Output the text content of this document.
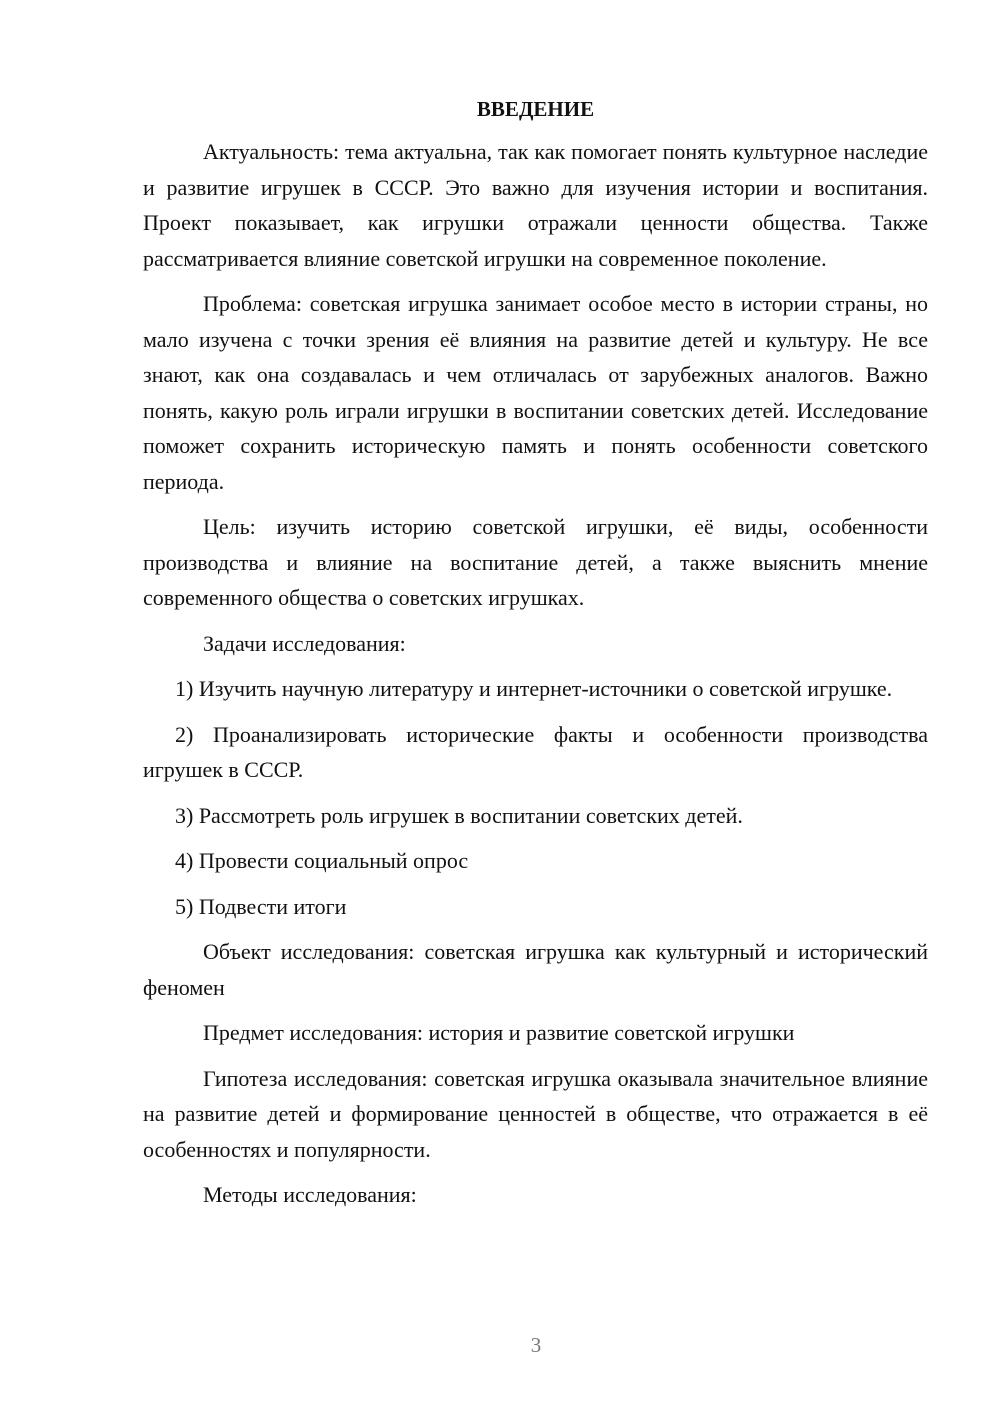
ВВЕДЕНИЕ

Актуальность: тема актуальна, так как помогает понять культурное наследие и развитие игрушек в СССР. Это важно для изучения истории и воспитания. Проект показывает, как игрушки отражали ценности общества. Также рассматривается влияние советской игрушки на современное поколение.

Проблема: советская игрушка занимает особое место в истории страны, но мало изучена с точки зрения её влияния на развитие детей и культуру. Не все знают, как она создавалась и чем отличалась от зарубежных аналогов. Важно понять, какую роль играли игрушки в воспитании советских детей. Исследование поможет сохранить историческую память и понять особенности советского периода.

Цель: изучить историю советской игрушки, её виды, особенности производства и влияние на воспитание детей, а также выяснить мнение современного общества о советских игрушках.

Задачи исследования:

1) Изучить научную литературу и интернет-источники о советской игрушке.

2) Проанализировать исторические факты и особенности производства игрушек в СССР.

3) Рассмотреть роль игрушек в воспитании советских детей.

4) Провести социальный опрос

5) Подвести итоги

Объект исследования: советская игрушка как культурный и исторический феномен

Предмет исследования: история и развитие советской игрушки

Гипотеза исследования: советская игрушка оказывала значительное влияние на развитие детей и формирование ценностей в обществе, что отражается в её особенностях и популярности.

Методы исследования:

3
